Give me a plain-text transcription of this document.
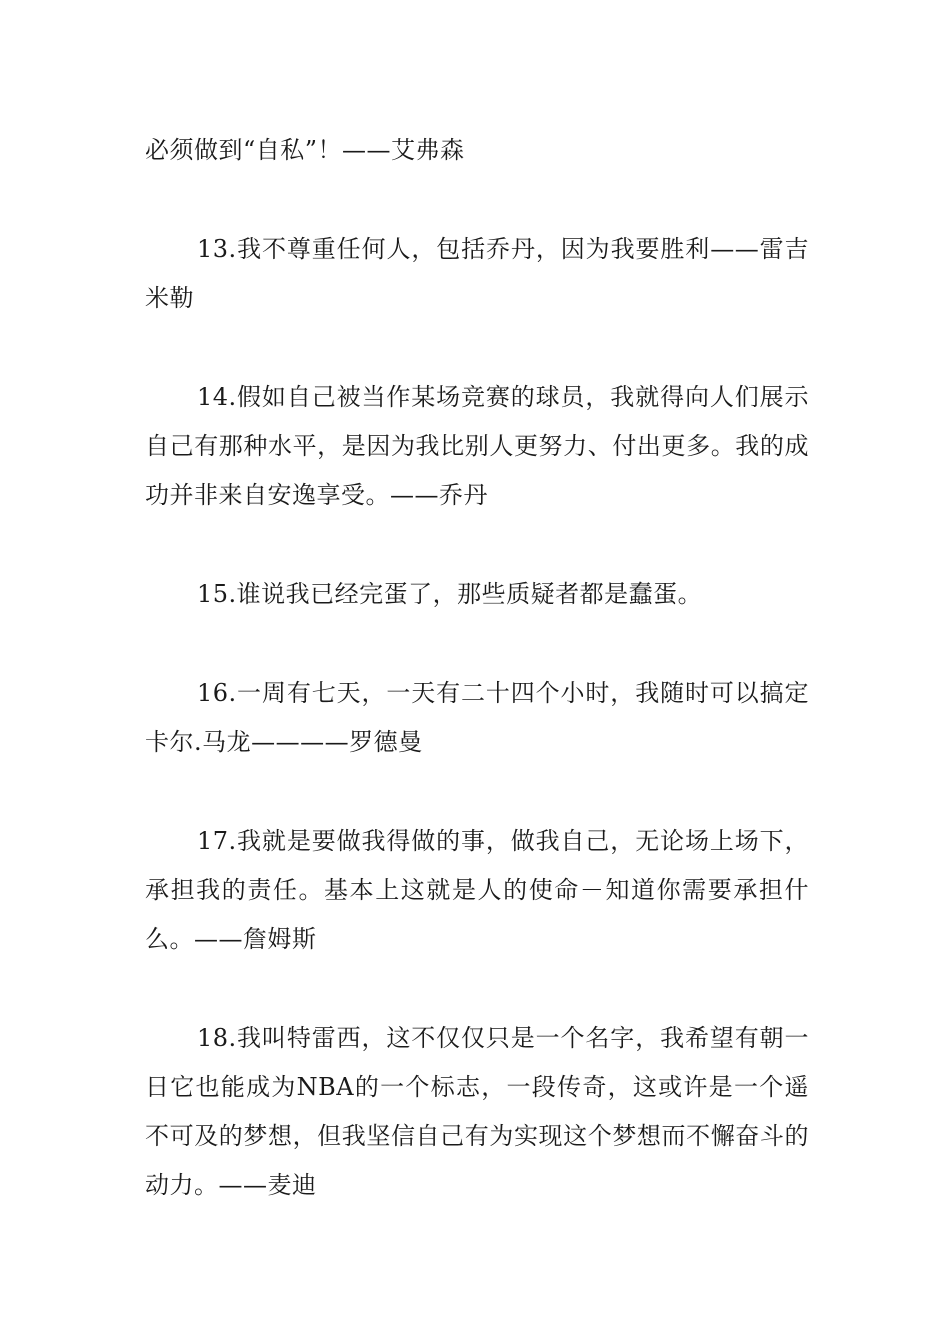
必须做到“自私”！——艾弗森

13.我不尊重任何人，包括乔丹，因为我要胜利——雷吉米勒

14.假如自己被当作某场竞赛的球员，我就得向人们展示自己有那种水平，是因为我比别人更努力、付出更多。我的成功并非来自安逸享受。——乔丹

15.谁说我已经完蛋了，那些质疑者都是蠢蛋。

16.一周有七天，一天有二十四个小时，我随时可以搞定卡尔.马龙————罗德曼

17.我就是要做我得做的事，做我自己，无论场上场下，承担我的责任。基本上这就是人的使命－知道你需要承担什么。——詹姆斯

18.我叫特雷西，这不仅仅只是一个名字，我希望有朝一日它也能成为NBA的一个标志，一段传奇，这或许是一个遥不可及的梦想，但我坚信自己有为实现这个梦想而不懈奋斗的动力。——麦迪
